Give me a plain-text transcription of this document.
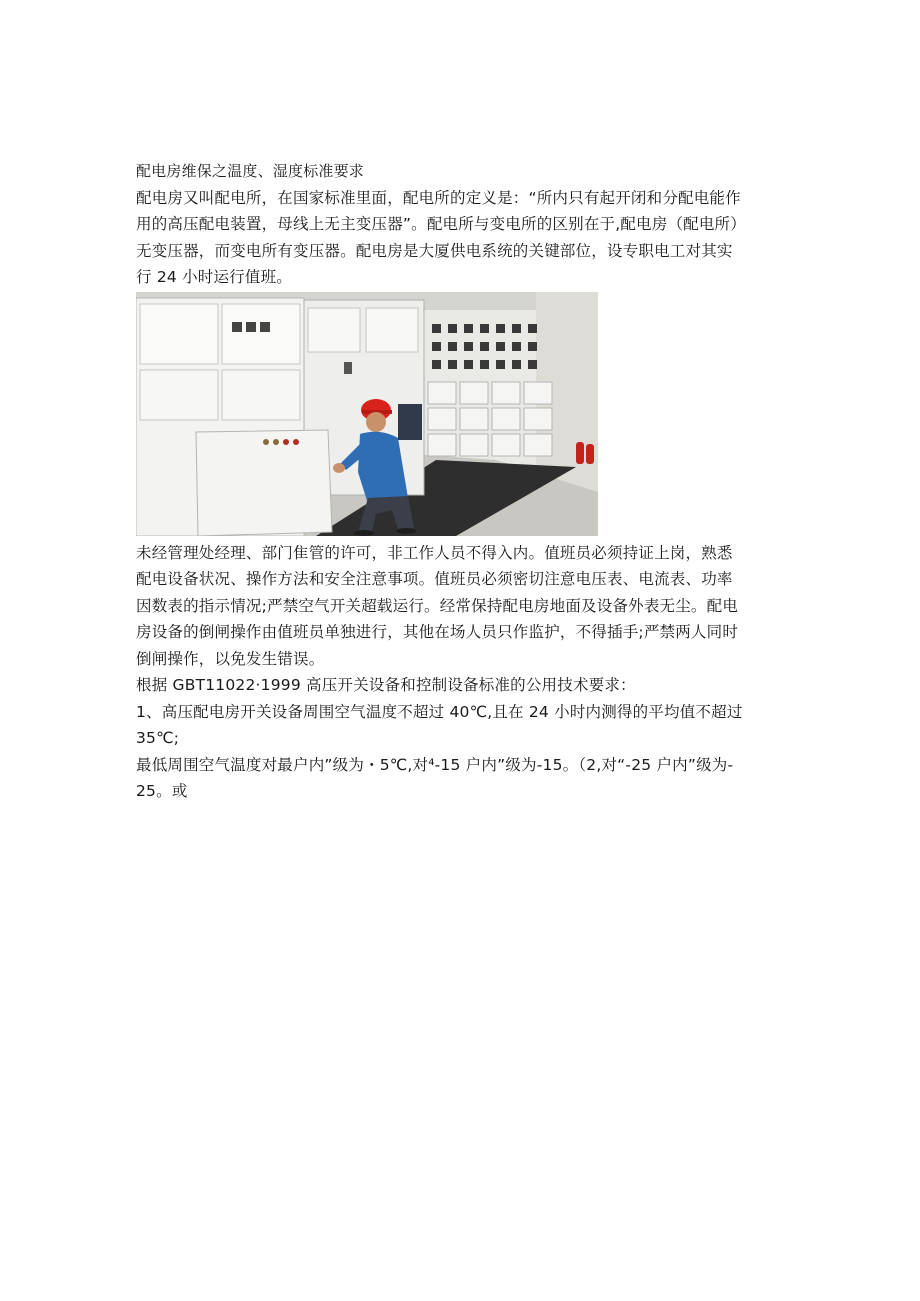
配电房维保之温度、湿度标准要求
配电房又叫配电所，在国家标准里面，配电所的定义是：“所内只有起开闭和分配电能作
用的高压配电装置，母线上无主变压器”。配电所与变电所的区别在于,配电房（配电所）
无变压器，而变电所有变压器。配电房是大厦供电系统的关键部位，设专职电工对其实
行 24 小时运行值班。
未经管理处经理、部门隹管的许可，非工作人员不得入内。值班员必须持证上岗，熟悉
配电设备状况、操作方法和安全注意事项。值班员必须密切注意电压表、电流表、功率
因数表的指示情况;严禁空气开关超载运行。经常保持配电房地面及设备外表无尘。配电
房设备的倒闸操作由值班员单独进行，其他在场人员只作监护，不得插手;严禁两人同时
倒闸操作，以免发生错误。
根据 GBT11022·1999 高压开关设备和控制设备标准的公用技术要求：
1、高压配电房开关设备周围空气温度不超过 40℃,且在 24 小时内测得的平均值不超过
35℃;
最低周围空气温度对最户内”级为・5℃,对⁴-15 户内”级为-15。（2,对“-25 户内”级为-
25。或
